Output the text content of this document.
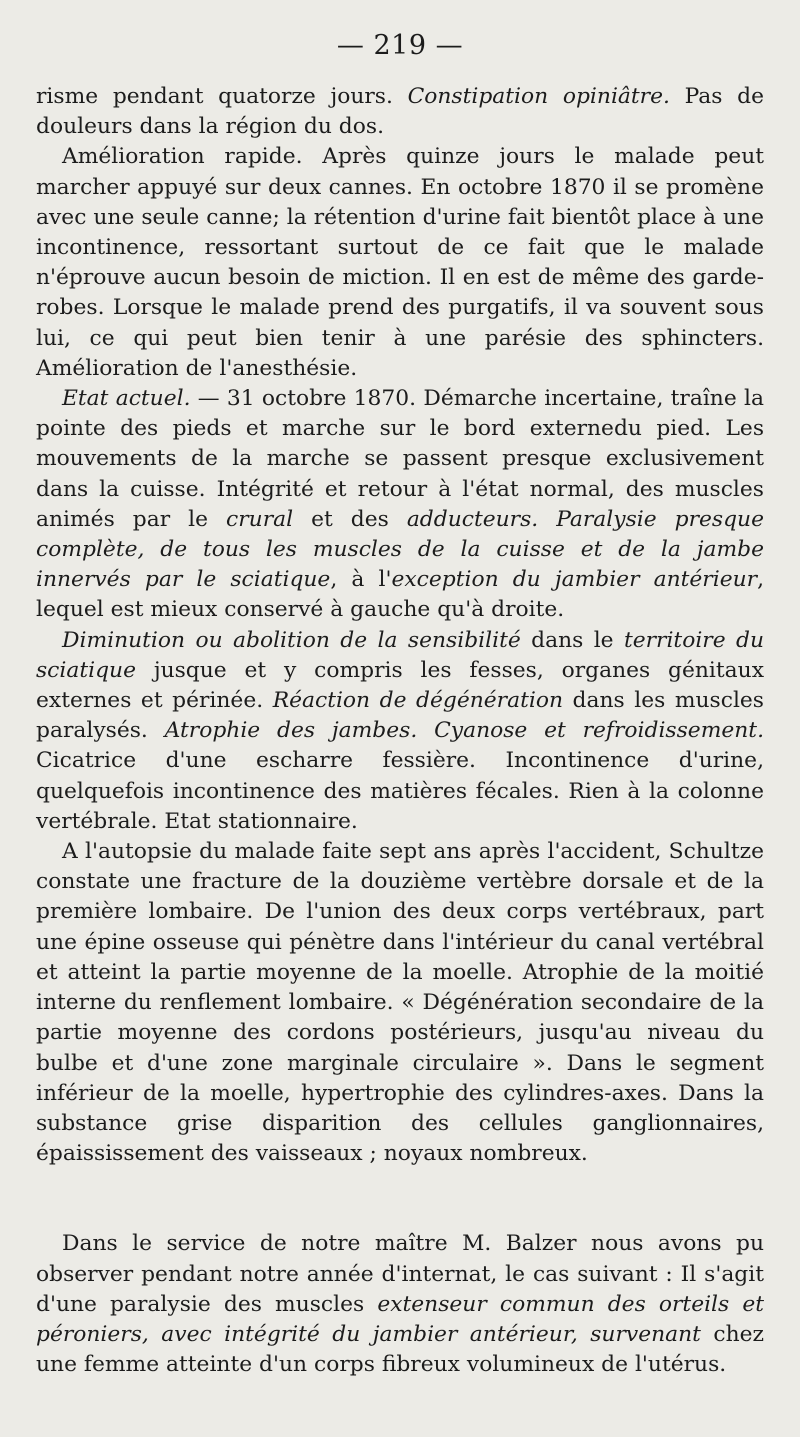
— 219 —

risme pendant quatorze jours. Constipation opiniâtre. Pas de douleurs dans la région du dos.

Amélioration rapide. Après quinze jours le malade peut marcher appuyé sur deux cannes. En octobre 1870 il se promène avec une seule canne; la rétention d'urine fait bientôt place à une incontinence, ressortant surtout de ce fait que le malade n'éprouve aucun besoin de miction. Il en est de même des garde-robes. Lorsque le malade prend des purgatifs, il va souvent sous lui, ce qui peut bien tenir à une parésie des sphincters. Amélioration de l'anesthésie.

Etat actuel. — 31 octobre 1870. Démarche incertaine, traîne la pointe des pieds et marche sur le bord externedu pied. Les mouvements de la marche se passent presque exclusivement dans la cuisse. Intégrité et retour à l'état normal, des muscles animés par le crural et des adducteurs. Paralysie presque complète, de tous les muscles de la cuisse et de la jambe innervés par le sciatique, à l'exception du jambier antérieur, lequel est mieux conservé à gauche qu'à droite.

Diminution ou abolition de la sensibilité dans le territoire du sciatique jusque et y compris les fesses, organes génitaux externes et périnée. Réaction de dégénération dans les muscles paralysés. Atrophie des jambes. Cyanose et refroidissement. Cicatrice d'une escharre fessière. Incontinence d'urine, quelquefois incontinence des matières fécales. Rien à la colonne vertébrale. Etat stationnaire.

A l'autopsie du malade faite sept ans après l'accident, Schultze constate une fracture de la douzième vertèbre dorsale et de la première lombaire. De l'union des deux corps vertébraux, part une épine osseuse qui pénètre dans l'intérieur du canal vertébral et atteint la partie moyenne de la moelle. Atrophie de la moitié interne du renflement lombaire. « Dégénération secondaire de la partie moyenne des cordons postérieurs, jusqu'au niveau du bulbe et d'une zone marginale circulaire ». Dans le segment inférieur de la moelle, hypertrophie des cylindres-axes. Dans la substance grise disparition des cellules ganglionnaires, épaississement des vaisseaux ; noyaux nombreux.

Dans le service de notre maître M. Balzer nous avons pu observer pendant notre année d'internat, le cas suivant : Il s'agit d'une paralysie des muscles extenseur commun des orteils et péroniers, avec intégrité du jambier antérieur, survenant chez une femme atteinte d'un corps fibreux volumineux de l'utérus.
